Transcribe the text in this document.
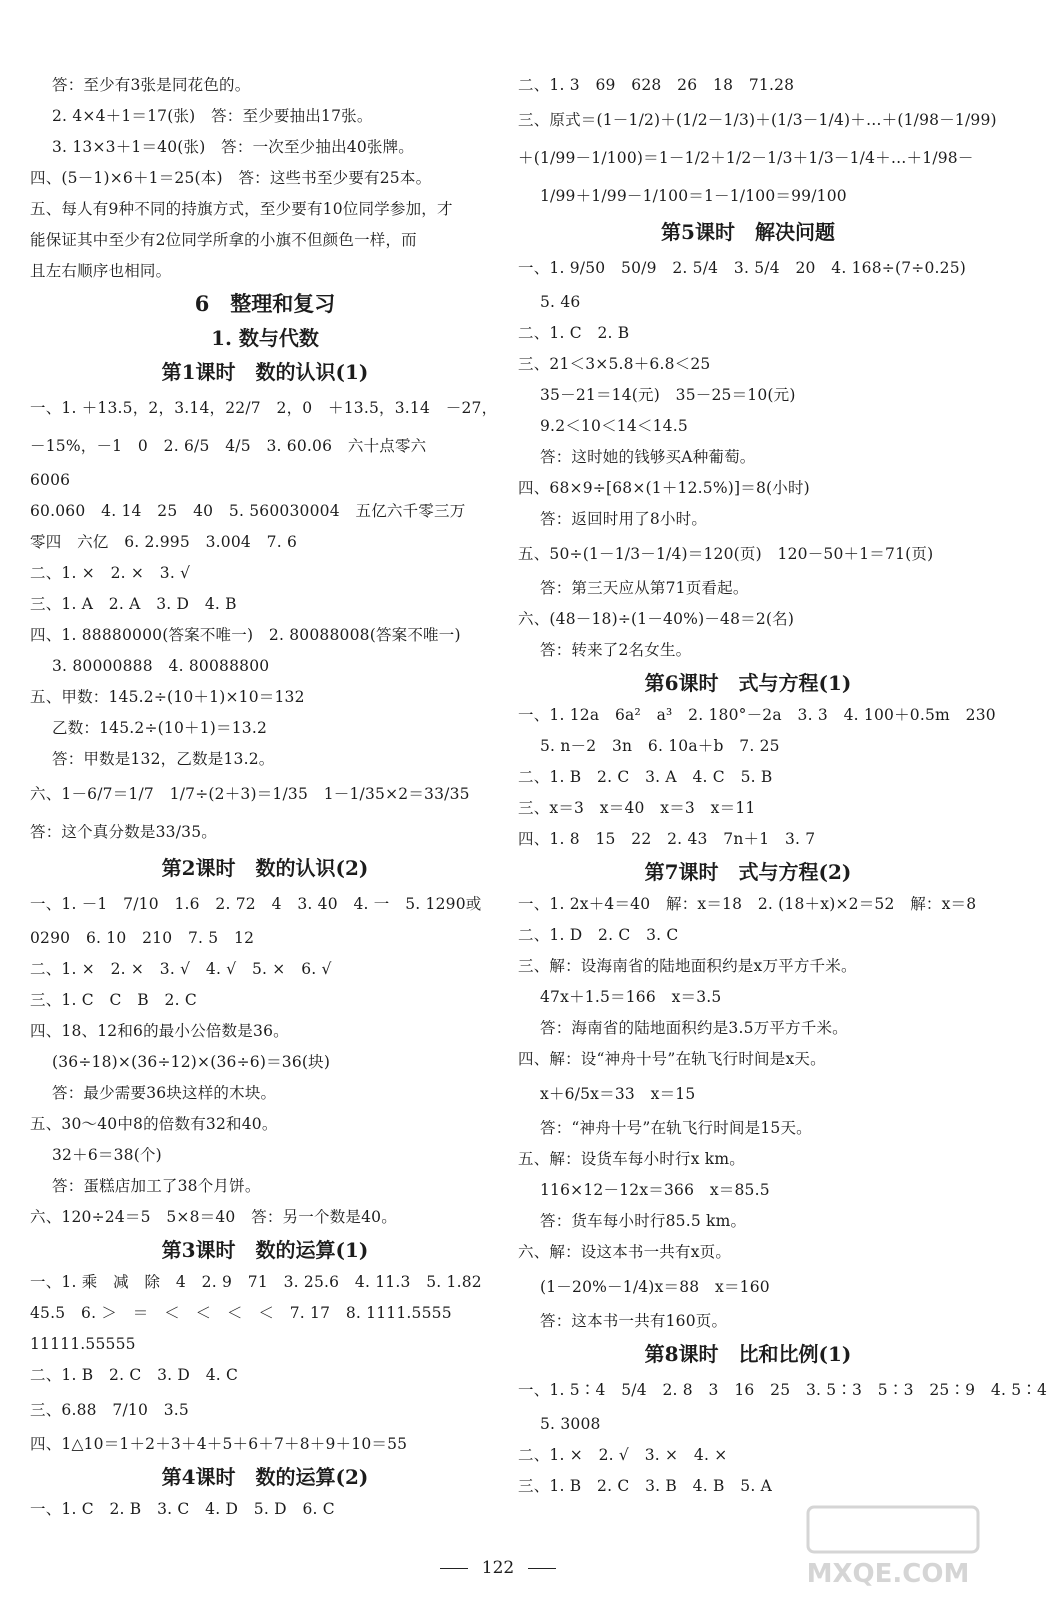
答：至少有3张是同花色的。
2. 4×4＋1＝17(张)　答：至少要抽出17张。
3. 13×3＋1＝40(张)　答：一次至少抽出40张牌。
四、(5－1)×6＋1＝25(本)　答：这些书至少要有25本。
五、每人有9种不同的持旗方式，至少要有10位同学参加，才
能保证其中至少有2位同学所拿的小旗不但颜色一样，而
且左右顺序也相同。
6　整理和复习
1. 数与代数
第1课时　数的认识(1)
一、1. ＋13.5，2，3.14，22/7　2，0　＋13.5，3.14　－27，
－15%，－1　0　2. 6/5　4/5　3. 60.06　六十点零六
6006
60.060　4. 14　25　40　5. 560030004　五亿六千零三万
零四　六亿　6. 2.995　3.004　7. 6
二、1. ×　2. ×　3. √
三、1. A　2. A　3. D　4. B
四、1. 88880000(答案不唯一)　2. 80088008(答案不唯一)
3. 80000888　4. 80088800
五、甲数：145.2÷(10＋1)×10＝132
乙数：145.2÷(10＋1)＝13.2
答：甲数是132，乙数是13.2。
六、1－6/7＝1/7　1/7÷(2＋3)＝1/35　1－1/35×2＝33/35
答：这个真分数是33/35。
第2课时　数的认识(2)
一、1. －1　7/10　1.6　2. 72　4　3. 40　4. 一　5. 1290或
0290　6. 10　210　7. 5　12
二、1. ×　2. ×　3. √　4. √　5. ×　6. √
三、1. C　C　B　2. C
四、18、12和6的最小公倍数是36。
(36÷18)×(36÷12)×(36÷6)＝36(块)
答：最少需要36块这样的木块。
五、30～40中8的倍数有32和40。
32＋6＝38(个)
答：蛋糕店加工了38个月饼。
六、120÷24＝5　5×8＝40　答：另一个数是40。
第3课时　数的运算(1)
一、1. 乘　减　除　4　2. 9　71　3. 25.6　4. 11.3　5. 1.82
45.5　6. ＞　＝　＜　＜　＜　＜　7. 17　8. 1111.5555
11111.55555
二、1. B　2. C　3. D　4. C
三、6.88　7/10　3.5
四、1△10＝1＋2＋3＋4＋5＋6＋7＋8＋9＋10＝55
第4课时　数的运算(2)
一、1. C　2. B　3. C　4. D　5. D　6. C
二、1. 3　69　628　26　18　71.28
三、原式＝(1－1/2)＋(1/2－1/3)＋(1/3－1/4)＋…＋(1/98－1/99)
＋(1/99－1/100)＝1－1/2＋1/2－1/3＋1/3－1/4＋…＋1/98－
1/99＋1/99－1/100＝1－1/100＝99/100
第5课时　解决问题
一、1. 9/50　50/9　2. 5/4　3. 5/4　20　4. 168÷(7÷0.25)
5. 46
二、1. C　2. B
三、21＜3×5.8＋6.8＜25
35－21＝14(元)　35－25＝10(元)
9.2＜10＜14＜14.5
答：这时她的钱够买A种葡萄。
四、68×9÷[68×(1＋12.5%)]＝8(小时)
答：返回时用了8小时。
五、50÷(1－1/3－1/4)＝120(页)　120－50＋1＝71(页)
答：第三天应从第71页看起。
六、(48－18)÷(1－40%)－48＝2(名)
答：转来了2名女生。
第6课时　式与方程(1)
一、1. 12a　6a²　a³　2. 180°－2a　3. 3　4. 100＋0.5m　230
5. n－2　3n　6. 10a＋b　7. 25
二、1. B　2. C　3. A　4. C　5. B
三、x＝3　x＝40　x＝3　x＝11
四、1. 8　15　22　2. 43　7n＋1　3. 7
第7课时　式与方程(2)
一、1. 2x＋4＝40　解：x＝18　2. (18＋x)×2＝52　解：x＝8
二、1. D　2. C　3. C
三、解：设海南省的陆地面积约是x万平方千米。
47x＋1.5＝166　x＝3.5
答：海南省的陆地面积约是3.5万平方千米。
四、解：设“神舟十号”在轨飞行时间是x天。
x＋6/5x＝33　x＝15
答：“神舟十号”在轨飞行时间是15天。
五、解：设货车每小时行x km。
116×12－12x＝366　x＝85.5
答：货车每小时行85.5 km。
六、解：设这本书一共有x页。
(1－20%－1/4)x＝88　x＝160
答：这本书一共有160页。
第8课时　比和比例(1)
一、1. 5∶4　5/4　2. 8　3　16　25　3. 5∶3　5∶3　25∶9　4. 5∶4
5. 3008
二、1. ×　2. √　3. ×　4. ×
三、1. B　2. C　3. B　4. B　5. A
122	MXQE.COM
